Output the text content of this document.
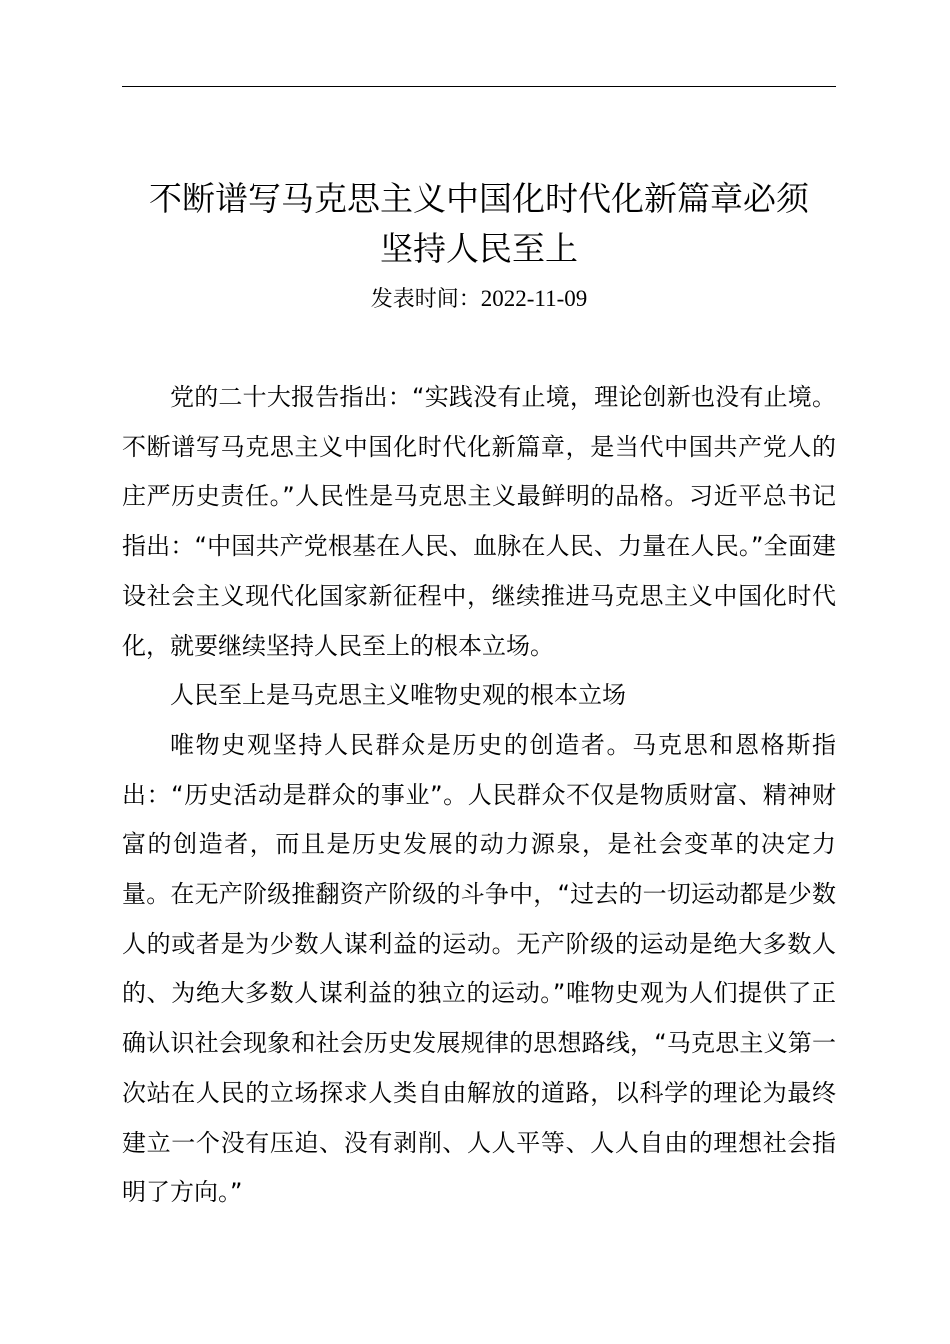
不断谱写马克思主义中国化时代化新篇章必须
坚持人民至上
发表时间：2022-11-09

党的二十大报告指出：“实践没有止境，理论创新也没有止境。不断谱写马克思主义中国化时代化新篇章，是当代中国共产党人的庄严历史责任。”人民性是马克思主义最鲜明的品格。习近平总书记指出：“中国共产党根基在人民、血脉在人民、力量在人民。”全面建设社会主义现代化国家新征程中，继续推进马克思主义中国化时代化，就要继续坚持人民至上的根本立场。

人民至上是马克思主义唯物史观的根本立场

唯物史观坚持人民群众是历史的创造者。马克思和恩格斯指出：“历史活动是群众的事业”。人民群众不仅是物质财富、精神财富的创造者，而且是历史发展的动力源泉，是社会变革的决定力量。在无产阶级推翻资产阶级的斗争中，“过去的一切运动都是少数人的或者是为少数人谋利益的运动。无产阶级的运动是绝大多数人的、为绝大多数人谋利益的独立的运动。”唯物史观为人们提供了正确认识社会现象和社会历史发展规律的思想路线，“马克思主义第一次站在人民的立场探求人类自由解放的道路，以科学的理论为最终建立一个没有压迫、没有剥削、人人平等、人人自由的理想社会指明了方向。”
